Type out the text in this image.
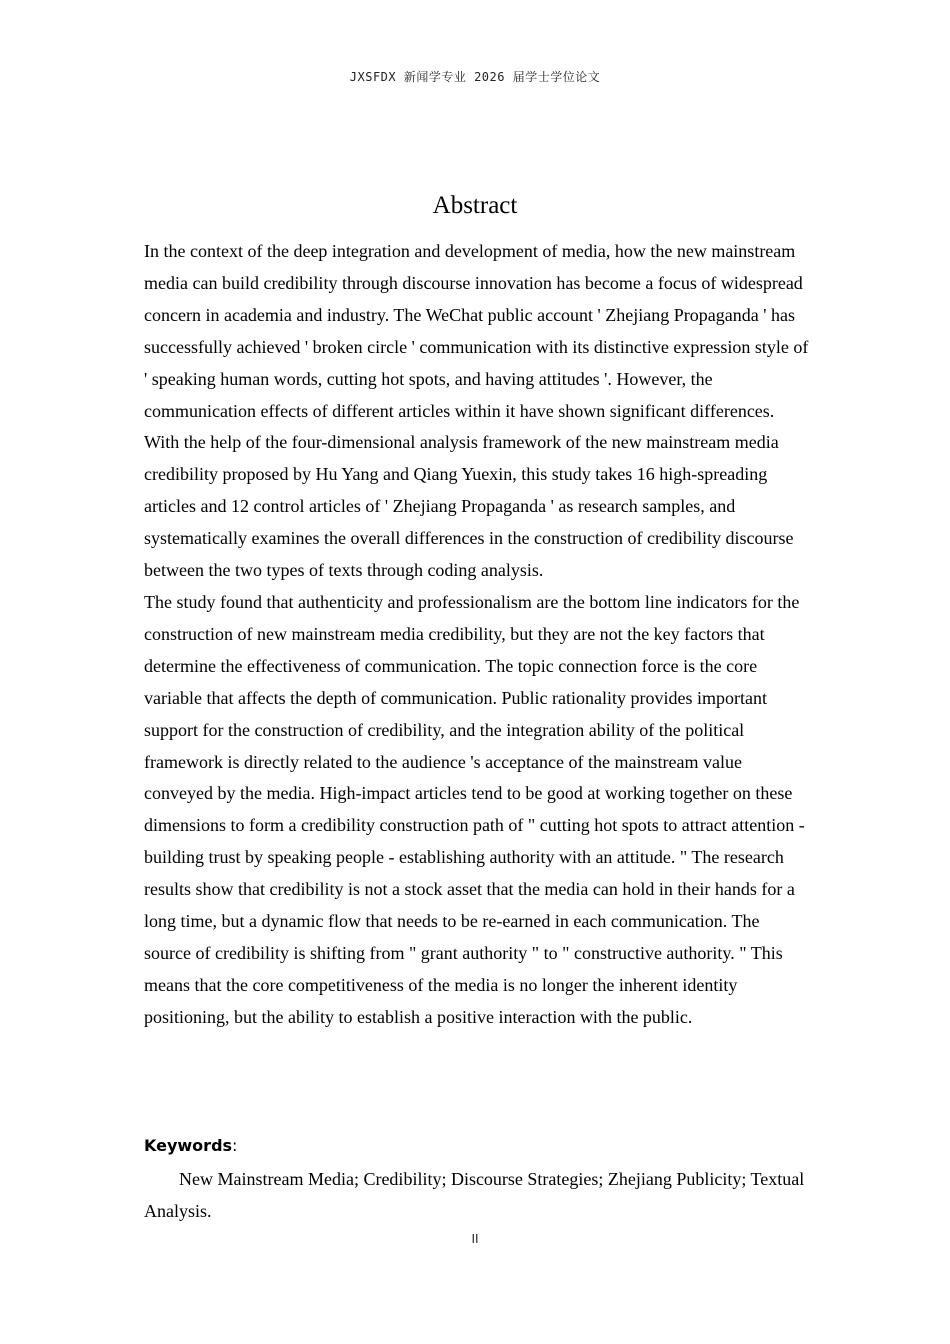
JXSFDX 新闻学专业 2026 届学士学位论文
Abstract

In the context of the deep integration and development of media, how the new mainstream media can build credibility through discourse innovation has become a focus of widespread concern in academia and industry. The WeChat public account ' Zhejiang Propaganda ' has successfully achieved ' broken circle ' communication with its distinctive expression style of ' speaking human words, cutting hot spots, and having attitudes '. However, the communication effects of different articles within it have shown significant differences. With the help of the four-dimensional analysis framework of the new mainstream media credibility proposed by Hu Yang and Qiang Yuexin, this study takes 16 high-spreading articles and 12 control articles of ' Zhejiang Propaganda ' as research samples, and systematically examines the overall differences in the construction of credibility discourse between the two types of texts through coding analysis.

The study found that authenticity and professionalism are the bottom line indicators for the construction of new mainstream media credibility, but they are not the key factors that determine the effectiveness of communication. The topic connection force is the core variable that affects the depth of communication. Public rationality provides important support for the construction of credibility, and the integration ability of the political framework is directly related to the audience 's acceptance of the mainstream value conveyed by the media. High-impact articles tend to be good at working together on these dimensions to form a credibility construction path of " cutting hot spots to attract attention - building trust by speaking people - establishing authority with an attitude. " The research results show that credibility is not a stock asset that the media can hold in their hands for a long time, but a dynamic flow that needs to be re-earned in each communication. The source of credibility is shifting from " grant authority " to " constructive authority. " This means that the core competitiveness of the media is no longer the inherent identity positioning, but the ability to establish a positive interaction with the public.

Keywords:

New Mainstream Media; Credibility; Discourse Strategies; Zhejiang Publicity; Textual Analysis.

II
